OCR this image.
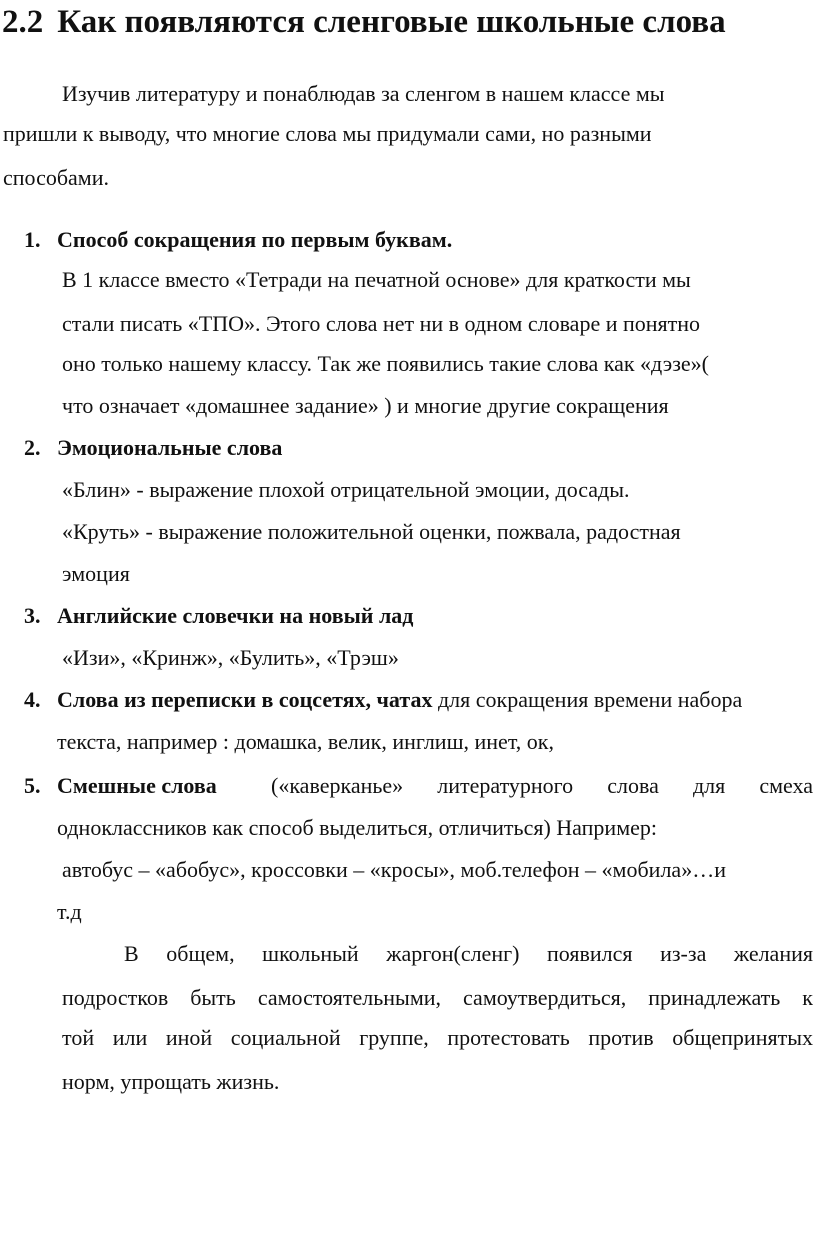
2.2 Как появляются сленговые школьные слова
Изучив литературу и понаблюдав за сленгом в нашем классе мы
пришли к выводу, что многие слова мы придумали сами, но разными
способами.
1. Способ сокращения по первым буквам.
В 1 классе вместо «Тетради на печатной основе» для краткости мы
стали писать «ТПО». Этого слова нет ни в одном словаре и понятно
оно только нашему классу. Так же появились такие слова как «дэзе»(
что означает «домашнее задание» ) и многие другие сокращения
2. Эмоциональные слова
«Блин» - выражение плохой отрицательной эмоции, досады.
«Круть» - выражение положительной оценки, пожвала, радостная
эмоция
3. Английские словечки на новый лад
«Изи», «Кринж», «Булить», «Трэш»
4. Слова из переписки в соцсетях, чатах для сокращения времени набора
текста, например : домашка, велик, инглиш, инет, ок,
5. Смешные слова («каверканье» литературного слова для смеха
одноклассников как способ выделиться, отличиться) Например:
автобус – «абобус», кроссовки – «кросы», моб.телефон – «мобила»…и
т.д
В общем, школьный жаргон(сленг) появился из-за желания
подростков быть самостоятельными, самоутвердиться, принадлежать к
той или иной социальной группе, протестовать против общепринятых
норм, упрощать жизнь.
